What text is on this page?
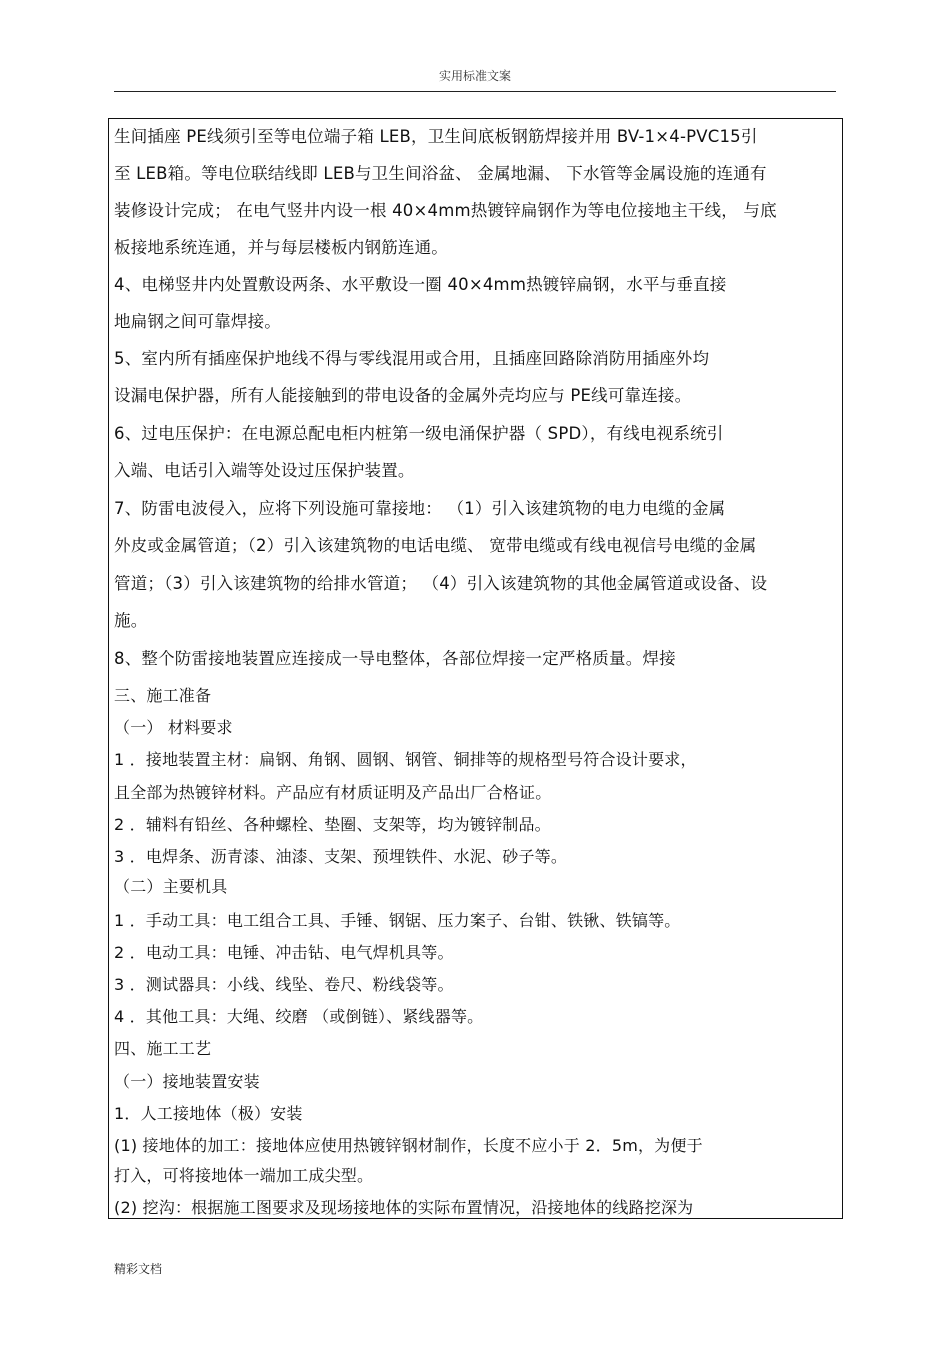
实用标准文案
生间插座 PE线须引至等电位端子箱 LEB，卫生间底板钢筋焊接并用 BV-1×4-PVC15引
至 LEB箱。等电位联结线即 LEB与卫生间浴盆、 金属地漏、 下水管等金属设施的连通有
装修设计完成； 在电气竖井内设一根 40×4mm热镀锌扁钢作为等电位接地主干线， 与底
板接地系统连通，并与每层楼板内钢筋连通。
4、电梯竖井内处置敷设两条、水平敷设一圈 40×4mm热镀锌扁钢，水平与垂直接
地扁钢之间可靠焊接。
5、室内所有插座保护地线不得与零线混用或合用，且插座回路除消防用插座外均
设漏电保护器，所有人能接触到的带电设备的金属外壳均应与 PE线可靠连接。
6、过电压保护：在电源总配电柜内桩第一级电涌保护器（ SPD），有线电视系统引
入端、电话引入端等处设过压保护装置。
7、防雷电波侵入，应将下列设施可靠接地： （1）引入该建筑物的电力电缆的金属
外皮或金属管道；（2）引入该建筑物的电话电缆、 宽带电缆或有线电视信号电缆的金属
管道；（3）引入该建筑物的给排水管道； （4）引入该建筑物的其他金属管道或设备、设
施。
8、整个防雷接地装置应连接成一导电整体，各部位焊接一定严格质量。焊接
三、施工准备
（一） 材料要求
1 ．接地装置主材：扁钢、角钢、圆钢、钢管、铜排等的规格型号符合设计要求，
且全部为热镀锌材料。产品应有材质证明及产品出厂合格证。
2 ．辅料有铅丝、各种螺栓、垫圈、支架等，均为镀锌制品。
3 ．电焊条、沥青漆、油漆、支架、预埋铁件、水泥、砂子等。
（二）主要机具
1 ．手动工具：电工组合工具、手锤、钢锯、压力案子、台钳、铁锹、铁镐等。
2 ．电动工具：电锤、冲击钻、电气焊机具等。
3 ．测试器具：小线、线坠、卷尺、粉线袋等。
4 ．其他工具：大绳、绞磨 （或倒链）、紧线器等。
四、施工工艺
（一）接地装置安装
1．人工接地体（极）安装
(1) 接地体的加工：接地体应使用热镀锌钢材制作，长度不应小于 2．5m，为便于
打入，可将接地体一端加工成尖型。
(2) 挖沟：根据施工图要求及现场接地体的实际布置情况，沿接地体的线路挖深为
精彩文档
